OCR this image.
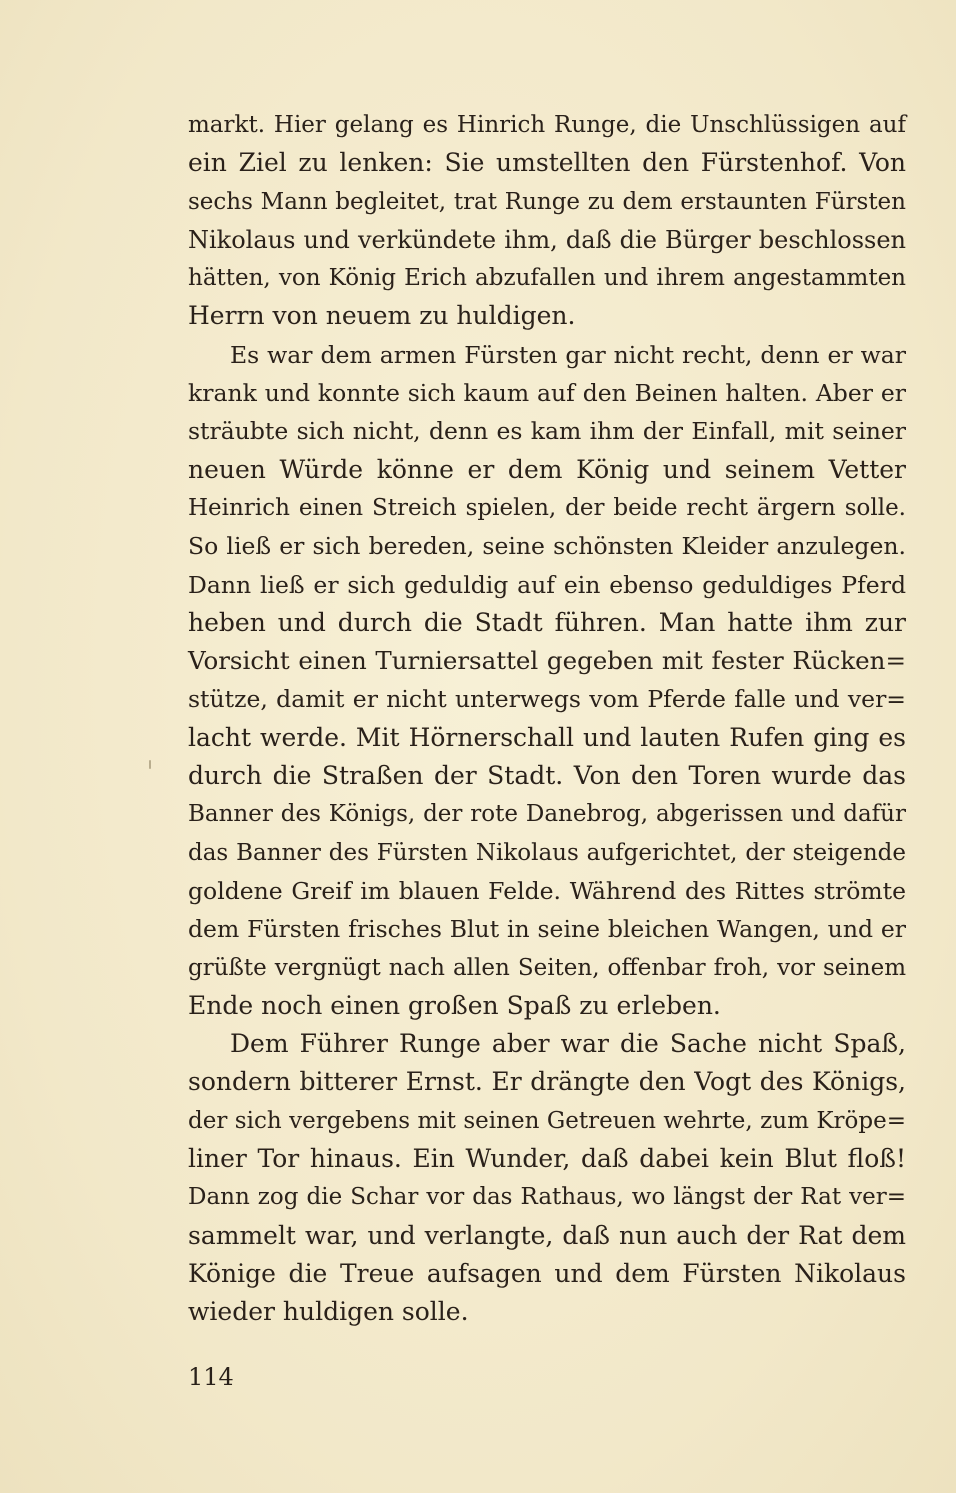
markt. Hier gelang es Hinrich Runge, die Unschlüssigen auf
ein Ziel zu lenken: Sie umstellten den Fürstenhof. Von
sechs Mann begleitet, trat Runge zu dem erstaunten Fürsten
Nikolaus und verkündete ihm, daß die Bürger beschlossen
hätten, von König Erich abzufallen und ihrem angestammten
Herrn von neuem zu huldigen.
Es war dem armen Fürsten gar nicht recht, denn er war
krank und konnte sich kaum auf den Beinen halten. Aber er
sträubte sich nicht, denn es kam ihm der Einfall, mit seiner
neuen Würde könne er dem König und seinem Vetter
Heinrich einen Streich spielen, der beide recht ärgern solle.
So ließ er sich bereden, seine schönsten Kleider anzulegen.
Dann ließ er sich geduldig auf ein ebenso geduldiges Pferd
heben und durch die Stadt führen. Man hatte ihm zur
Vorsicht einen Turniersattel gegeben mit fester Rücken=
stütze, damit er nicht unterwegs vom Pferde falle und ver=
lacht werde. Mit Hörnerschall und lauten Rufen ging es
durch die Straßen der Stadt. Von den Toren wurde das
Banner des Königs, der rote Danebrog, abgerissen und dafür
das Banner des Fürsten Nikolaus aufgerichtet, der steigende
goldene Greif im blauen Felde. Während des Rittes strömte
dem Fürsten frisches Blut in seine bleichen Wangen, und er
grüßte vergnügt nach allen Seiten, offenbar froh, vor seinem
Ende noch einen großen Spaß zu erleben.
Dem Führer Runge aber war die Sache nicht Spaß,
sondern bitterer Ernst. Er drängte den Vogt des Königs,
der sich vergebens mit seinen Getreuen wehrte, zum Kröpe=
liner Tor hinaus. Ein Wunder, daß dabei kein Blut floß!
Dann zog die Schar vor das Rathaus, wo längst der Rat ver=
sammelt war, und verlangte, daß nun auch der Rat dem
Könige die Treue aufsagen und dem Fürsten Nikolaus
wieder huldigen solle.
114
